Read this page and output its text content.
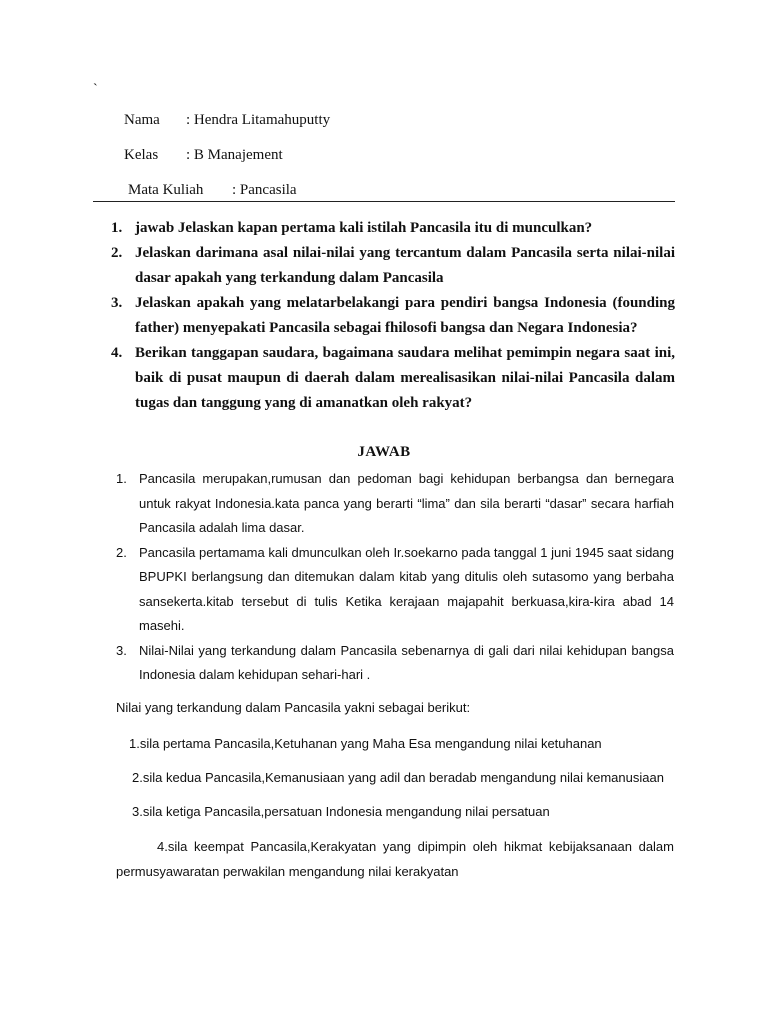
`
Nama : Hendra Litamahuputty
Kelas : B Manajement
Mata Kuliah : Pancasila
1. jawab Jelaskan kapan pertama kali istilah Pancasila itu di munculkan?
2. Jelaskan darimana asal nilai-nilai yang tercantum dalam Pancasila serta nilai-nilai dasar apakah yang terkandung dalam Pancasila
3. Jelaskan apakah yang melatarbelakangi para pendiri bangsa Indonesia (founding father) menyepakati Pancasila sebagai fhilosofi bangsa dan Negara Indonesia?
4. Berikan tanggapan saudara, bagaimana saudara melihat pemimpin negara saat ini, baik di pusat maupun di daerah dalam merealisasikan nilai-nilai Pancasila dalam tugas dan tanggung yang di amanatkan oleh rakyat?
JAWAB
1. Pancasila merupakan,rumusan dan pedoman bagi kehidupan berbangsa dan bernegara untuk rakyat Indonesia.kata panca yang berarti “lima” dan sila berarti “dasar” secara harfiah Pancasila adalah lima dasar.
2. Pancasila pertamama kali dmunculkan oleh Ir.soekarno pada tanggal 1 juni 1945 saat sidang BPUPKI berlangsung dan ditemukan dalam kitab yang ditulis oleh sutasomo yang berbaha sansekerta.kitab tersebut di tulis Ketika kerajaan majapahit berkuasa,kira-kira abad 14 masehi.
3. Nilai-Nilai yang terkandung dalam Pancasila sebenarnya di gali dari nilai kehidupan bangsa Indonesia dalam kehidupan sehari-hari .
Nilai yang terkandung dalam Pancasila yakni sebagai berikut:
1.sila pertama Pancasila,Ketuhanan yang Maha Esa mengandung nilai ketuhanan
2.sila kedua Pancasila,Kemanusiaan yang adil dan beradab mengandung nilai kemanusiaan
3.sila ketiga Pancasila,persatuan Indonesia mengandung nilai persatuan
4.sila keempat Pancasila,Kerakyatan yang dipimpin oleh hikmat kebijaksanaan dalam permusyawaratan perwakilan mengandung nilai kerakyatan
